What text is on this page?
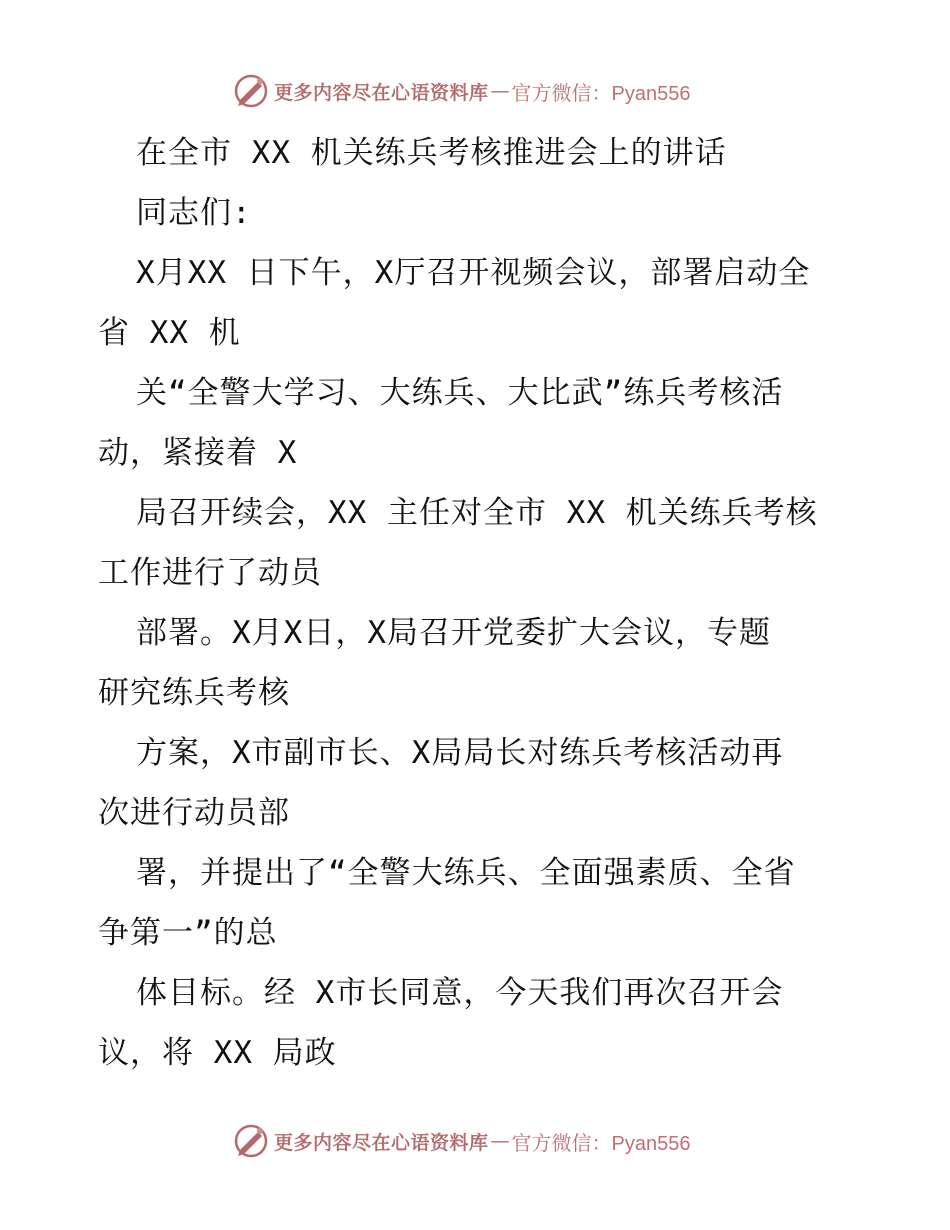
更多内容尽在心语资料库 — 官方微信：Pyan556
在全市 XX 机关练兵考核推进会上的讲话
同志们:
X月XX 日下午，X厅召开视频会议，部署启动全
省 XX 机
关“全警大学习、大练兵、大比武”练兵考核活
动，紧接着 X
局召开续会，XX 主任对全市 XX 机关练兵考核
工作进行了动员
部署。X月X日，X局召开党委扩大会议，专题
研究练兵考核
方案，X市副市长、X局局长对练兵考核活动再
次进行动员部
署，并提出了“全警大练兵、全面强素质、全省
争第一”的总
体目标。经 X市长同意，今天我们再次召开会
议，将 XX 局政
更多内容尽在心语资料库 — 官方微信：Pyan556
